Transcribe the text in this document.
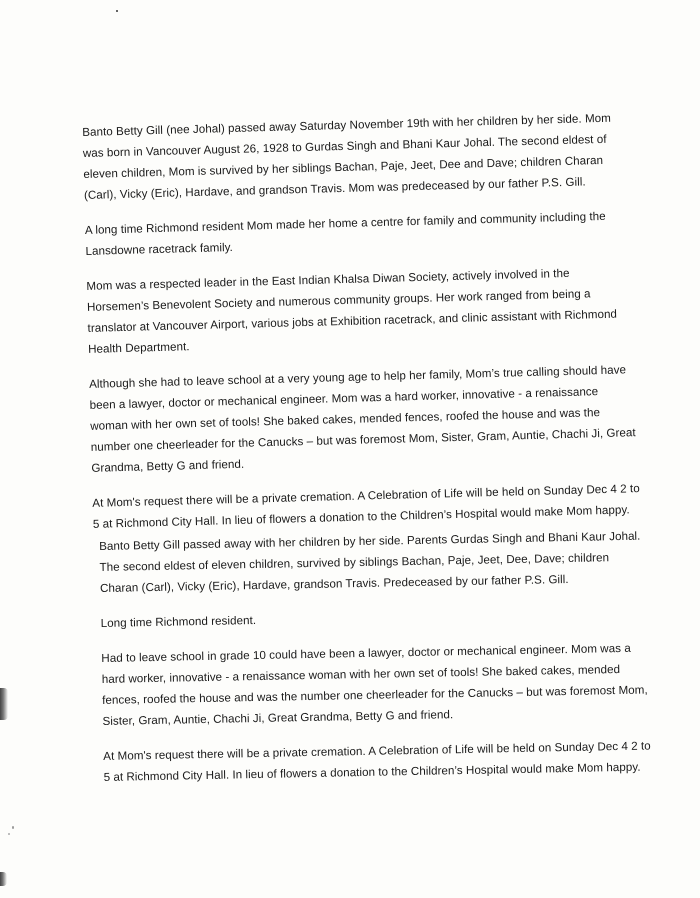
Banto Betty Gill (nee Johal) passed away Saturday November 19th with her children by her side. Mom was born in Vancouver August 26, 1928 to Gurdas Singh and Bhani Kaur Johal. The second eldest of eleven children, Mom is survived by her siblings Bachan, Paje, Jeet, Dee and Dave; children Charan (Carl), Vicky (Eric), Hardave, and grandson Travis. Mom was predeceased by our father P.S. Gill.

A long time Richmond resident Mom made her home a centre for family and community including the Lansdowne racetrack family.

Mom was a respected leader in the East Indian Khalsa Diwan Society, actively involved in the Horsemen’s Benevolent Society and numerous community groups. Her work ranged from being a translator at Vancouver Airport, various jobs at Exhibition racetrack, and clinic assistant with Richmond Health Department.

Although she had to leave school at a very young age to help her family, Mom’s true calling should have been a lawyer, doctor or mechanical engineer. Mom was a hard worker, innovative - a renaissance woman with her own set of tools! She baked cakes, mended fences, roofed the house and was the number one cheerleader for the Canucks – but was foremost Mom, Sister, Gram, Auntie, Chachi Ji, Great Grandma, Betty G and friend.

At Mom's request there will be a private cremation. A Celebration of Life will be held on Sunday Dec 4 2 to 5 at Richmond City Hall. In lieu of flowers a donation to the Children’s Hospital would make Mom happy.

Banto Betty Gill passed away with her children by her side. Parents Gurdas Singh and Bhani Kaur Johal. The second eldest of eleven children, survived by siblings Bachan, Paje, Jeet, Dee, Dave; children Charan (Carl), Vicky (Eric), Hardave, grandson Travis. Predeceased by our father P.S. Gill.

Long time Richmond resident.

Had to leave school in grade 10 could have been a lawyer, doctor or mechanical engineer. Mom was a hard worker, innovative - a renaissance woman with her own set of tools! She baked cakes, mended fences, roofed the house and was the number one cheerleader for the Canucks – but was foremost Mom, Sister, Gram, Auntie, Chachi Ji, Great Grandma, Betty G and friend.

At Mom's request there will be a private cremation. A Celebration of Life will be held on Sunday Dec 4 2 to 5 at Richmond City Hall. In lieu of flowers a donation to the Children’s Hospital would make Mom happy.
